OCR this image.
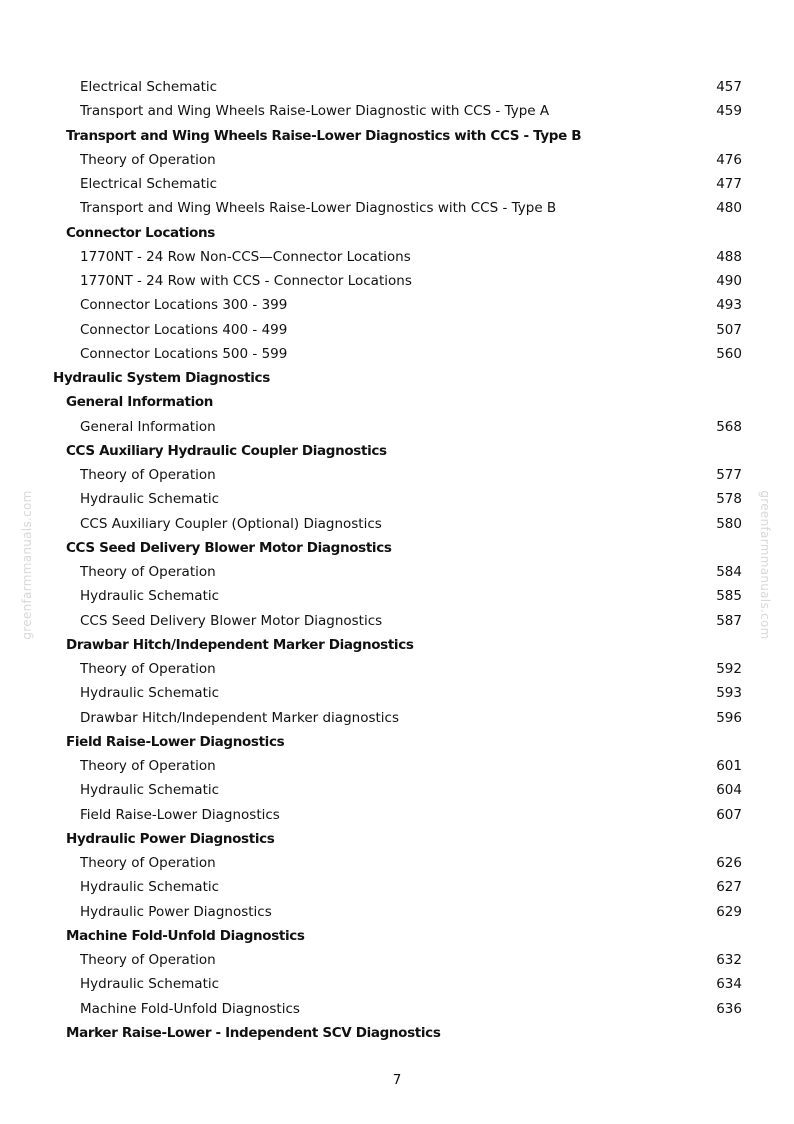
greenfarmmanuals.com	greenfarmmanuals.com
Electrical Schematic	457
Transport and Wing Wheels Raise-Lower Diagnostic with CCS - Type A	459
Transport and Wing Wheels Raise-Lower Diagnostics with CCS - Type B
Theory of Operation	476
Electrical Schematic	477
Transport and Wing Wheels Raise-Lower Diagnostics with CCS - Type B	480
Connector Locations
1770NT - 24 Row Non-CCS—Connector Locations	488
1770NT - 24 Row with CCS - Connector Locations	490
Connector Locations 300 - 399	493
Connector Locations 400 - 499	507
Connector Locations 500 - 599	560
Hydraulic System Diagnostics
General Information
General Information	568
CCS Auxiliary Hydraulic Coupler Diagnostics
Theory of Operation	577
Hydraulic Schematic	578
CCS Auxiliary Coupler (Optional) Diagnostics	580
CCS Seed Delivery Blower Motor Diagnostics
Theory of Operation	584
Hydraulic Schematic	585
CCS Seed Delivery Blower Motor Diagnostics	587
Drawbar Hitch/Independent Marker Diagnostics
Theory of Operation	592
Hydraulic Schematic	593
Drawbar Hitch/Independent Marker diagnostics	596
Field Raise-Lower Diagnostics
Theory of Operation	601
Hydraulic Schematic	604
Field Raise-Lower Diagnostics	607
Hydraulic Power Diagnostics
Theory of Operation	626
Hydraulic Schematic	627
Hydraulic Power Diagnostics	629
Machine Fold-Unfold Diagnostics
Theory of Operation	632
Hydraulic Schematic	634
Machine Fold-Unfold Diagnostics	636
Marker Raise-Lower - Independent SCV Diagnostics
7
